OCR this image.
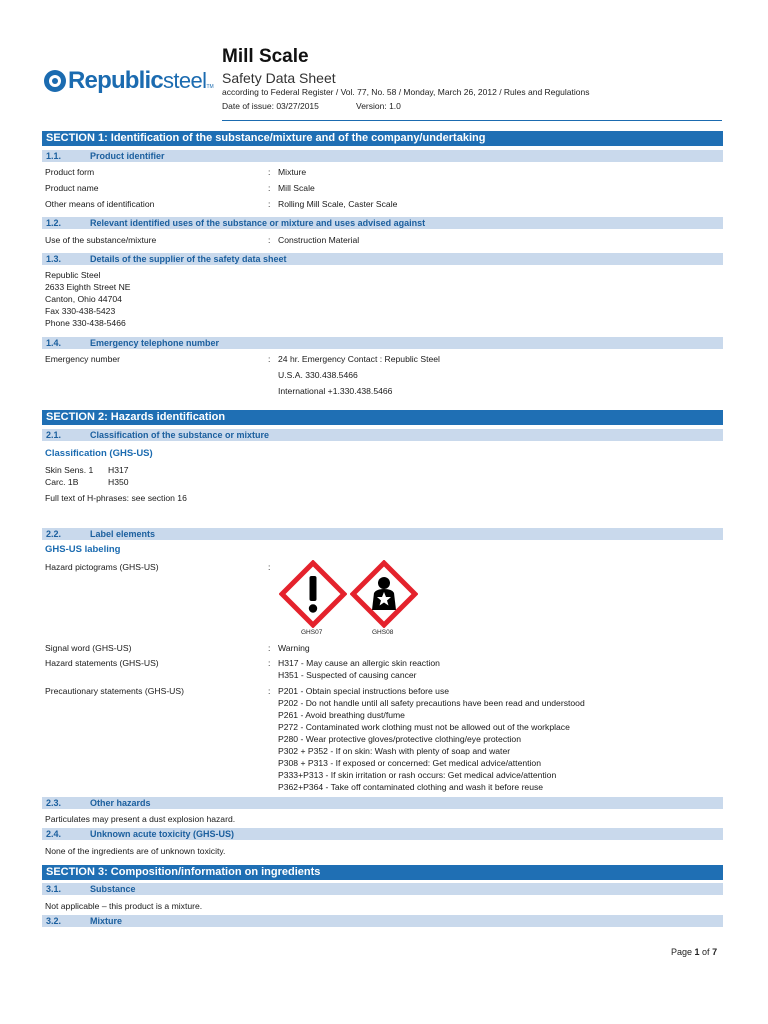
Republic steel TM
Mill Scale
Safety Data Sheet
according to Federal Register / Vol. 77, No. 58 / Monday, March 26, 2012 / Rules and Regulations
Date of issue: 03/27/2015	Version: 1.0
SECTION 1: Identification of the substance/mixture and of the company/undertaking
1.1.	Product identifier
Product form	: Mixture
Product name	: Mill Scale
Other means of identification	: Rolling Mill Scale, Caster Scale
1.2.	Relevant identified uses of the substance or mixture and uses advised against
Use of the substance/mixture	: Construction Material
1.3.	Details of the supplier of the safety data sheet
Republic Steel
2633 Eighth Street NE
Canton, Ohio 44704
Fax 330-438-5423
Phone 330-438-5466
1.4.	Emergency telephone number
Emergency number	: 24 hr. Emergency Contact : Republic Steel
U.S.A. 330.438.5466
International +1.330.438.5466
SECTION 2: Hazards identification
2.1.	Classification of the substance or mixture
Classification (GHS-US)
Skin Sens. 1 H317
Carc. 1B	H350
Full text of H-phrases: see section 16
2.2.	Label elements
GHS-US labeling
Hazard pictograms (GHS-US)	:
GHS07	GHS08
Signal word (GHS-US)	: Warning
Hazard statements (GHS-US)	: H317 - May cause an allergic skin reaction
H351 - Suspected of causing cancer
Precautionary statements (GHS-US)	: P201 - Obtain special instructions before use
P202 - Do not handle until all safety precautions have been read and understood
P261 - Avoid breathing dust/fume
P272 - Contaminated work clothing must not be allowed out of the workplace
P280 - Wear protective gloves/protective clothing/eye protection
P302 + P352 - If on skin: Wash with plenty of soap and water
P308 + P313 - If exposed or concerned: Get medical advice/attention
P333+P313 - If skin irritation or rash occurs: Get medical advice/attention
P362+P364 - Take off contaminated clothing and wash it before reuse
2.3.	Other hazards
Particulates may present a dust explosion hazard.
2.4.	Unknown acute toxicity (GHS-US)
None of the ingredients are of unknown toxicity.
SECTION 3: Composition/information on ingredients
3.1.	Substance
Not applicable – this product is a mixture.
3.2.	Mixture
Page 1 of 7
